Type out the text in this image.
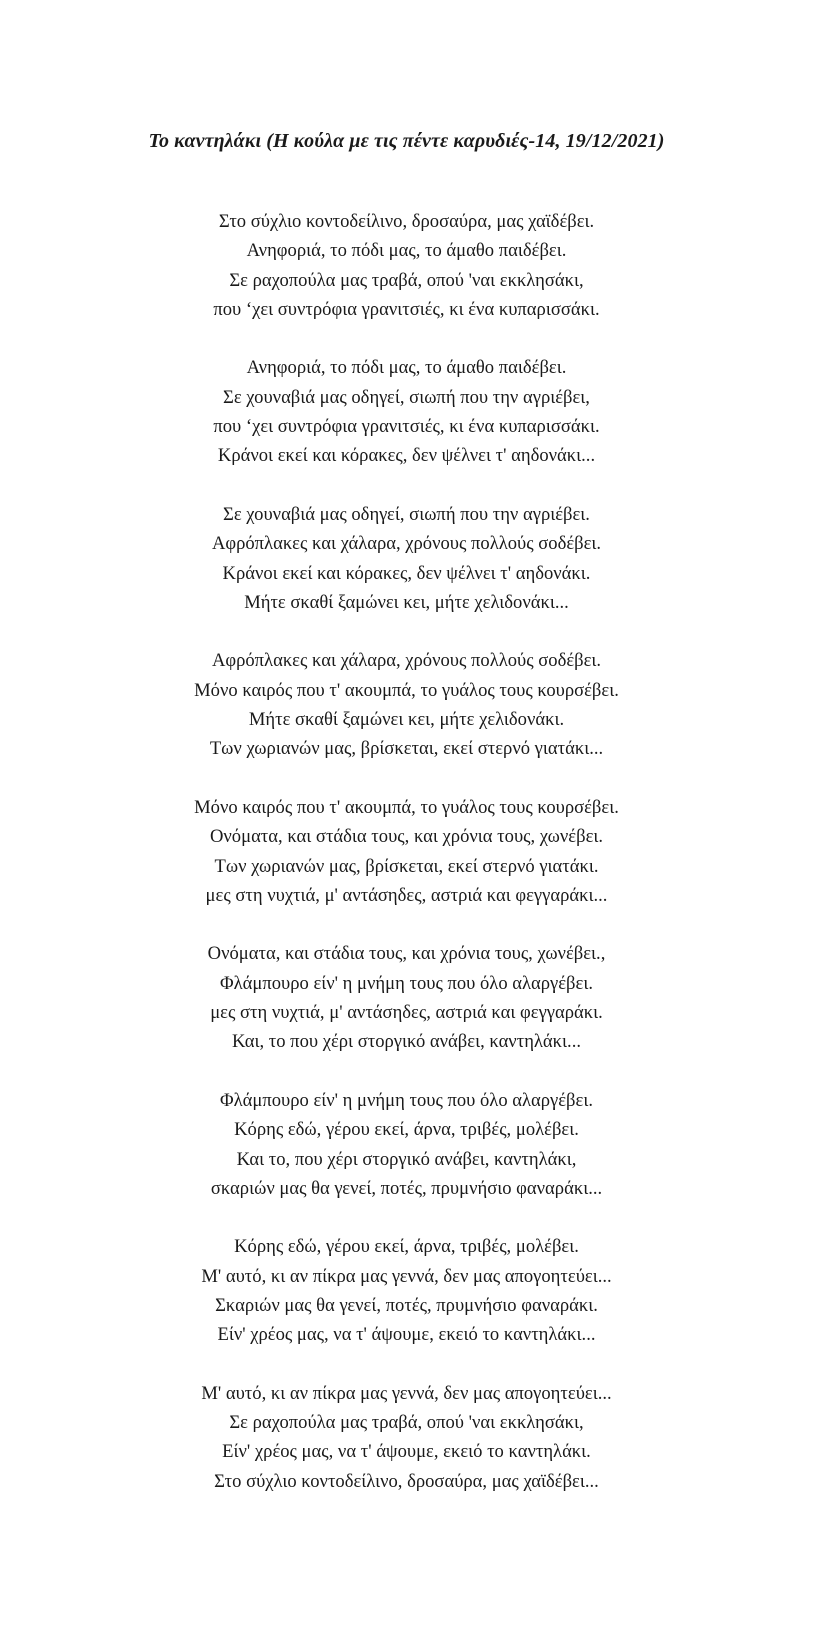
Το καντηλάκι (Η κούλα με τις πέντε καρυδιές-14, 19/12/2021)
Στο σύχλιο κοντοδείλινο, δροσαύρα, μας χαϊδέβει.
Ανηφοριά, το πόδι μας, το άμαθο παιδέβει.
Σε ραχοπούλα μας τραβά, οπού 'ναι εκκλησάκι,
που ‘χει συντρόφια γρανιτσιές, κι ένα κυπαρισσάκι.
Ανηφοριά, το πόδι μας, το άμαθο παιδέβει.
Σε χουναβιά μας οδηγεί, σιωπή που την αγριέβει,
που ‘χει συντρόφια γρανιτσιές, κι ένα κυπαρισσάκι.
Κράνοι εκεί και κόρακες, δεν ψέλνει τ' αηδονάκι...
Σε χουναβιά μας οδηγεί, σιωπή που την αγριέβει.
Αφρόπλακες και χάλαρα, χρόνους πολλούς σοδέβει.
Κράνοι εκεί και κόρακες, δεν ψέλνει τ' αηδονάκι.
Μήτε σκαθί ξαμώνει κει, μήτε χελιδονάκι...
Αφρόπλακες και χάλαρα, χρόνους πολλούς σοδέβει.
Μόνο καιρός που τ' ακουμπά, το γυάλος τους κουρσέβει.
Μήτε σκαθί ξαμώνει κει, μήτε χελιδονάκι.
Των χωριανών μας, βρίσκεται, εκεί στερνό γιατάκι...
Μόνο καιρός που τ' ακουμπά, το γυάλος τους κουρσέβει.
Ονόματα, και στάδια τους, και χρόνια τους, χωνέβει.
Των χωριανών μας, βρίσκεται, εκεί στερνό γιατάκι.
μες στη νυχτιά, μ' αντάσηδες, αστριά και φεγγαράκι...
Ονόματα, και στάδια τους, και χρόνια τους, χωνέβει.,
Φλάμπουρο είν' η μνήμη τους που όλο αλαργέβει.
μες στη νυχτιά, μ' αντάσηδες, αστριά και φεγγαράκι.
Και, το που χέρι στοργικό ανάβει, καντηλάκι...
Φλάμπουρο είν' η μνήμη τους που όλο αλαργέβει.
Κόρης εδώ, γέρου εκεί, άρνα, τριβές, μολέβει.
Και το, που χέρι στοργικό ανάβει, καντηλάκι,
σκαριών μας θα γενεί, ποτές, πρυμνήσιο φαναράκι...
Κόρης εδώ, γέρου εκεί, άρνα, τριβές, μολέβει.
Μ' αυτό, κι αν πίκρα μας γεννά, δεν μας απογοητεύει...
Σκαριών μας θα γενεί, ποτές, πρυμνήσιο φαναράκι.
Είν' χρέος μας, να τ' άψουμε, εκειό το καντηλάκι...
Μ' αυτό, κι αν πίκρα μας γεννά, δεν μας απογοητεύει...
Σε ραχοπούλα μας τραβά, οπού 'ναι εκκλησάκι,
Είν' χρέος μας, να τ' άψουμε, εκειό το καντηλάκι.
Στο σύχλιο κοντοδείλινο, δροσαύρα, μας χαϊδέβει...
